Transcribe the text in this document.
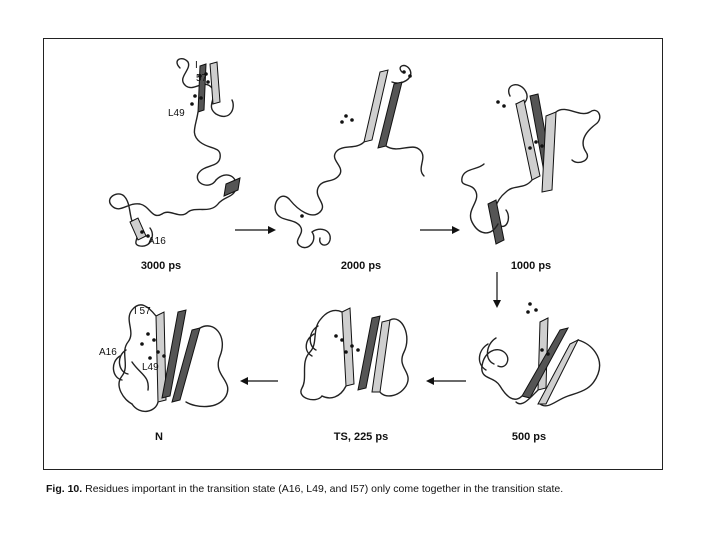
3000 ps	2000 ps	1000 ps
500 ps
TS, 225 ps
N
I
57
L49
A16
I 57
A16
L49
Fig. 10. Residues important in the transition state (A16, L49, and I57) only come together in the transition state.
